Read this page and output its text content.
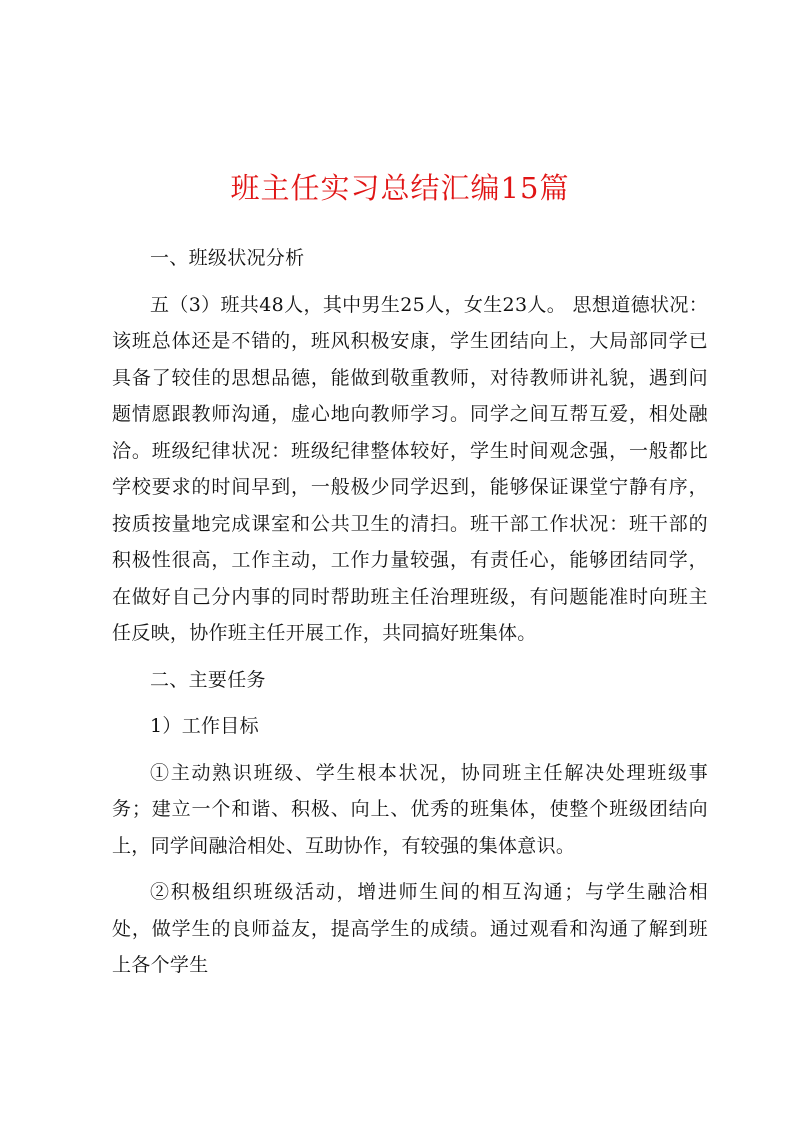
班主任实习总结汇编15篇

一、班级状况分析

五（3）班共48人，其中男生25人，女生23人。 思想道德状况：该班总体还是不错的，班风积极安康，学生团结向上，大局部同学已具备了较佳的思想品德，能做到敬重教师，对待教师讲礼貌，遇到问题情愿跟教师沟通，虚心地向教师学习。同学之间互帮互爱，相处融洽。班级纪律状况：班级纪律整体较好，学生时间观念强，一般都比学校要求的时间早到，一般极少同学迟到，能够保证课堂宁静有序，按质按量地完成课室和公共卫生的清扫。班干部工作状况：班干部的积极性很高，工作主动，工作力量较强，有责任心，能够团结同学，在做好自己分内事的同时帮助班主任治理班级，有问题能准时向班主任反映，协作班主任开展工作，共同搞好班集体。

二、主要任务

1）工作目标

①主动熟识班级、学生根本状况，协同班主任解决处理班级事务；建立一个和谐、积极、向上、优秀的班集体，使整个班级团结向上，同学间融洽相处、互助协作，有较强的集体意识。

②积极组织班级活动，增进师生间的相互沟通；与学生融洽相处，做学生的良师益友，提高学生的成绩。通过观看和沟通了解到班上各个学生
